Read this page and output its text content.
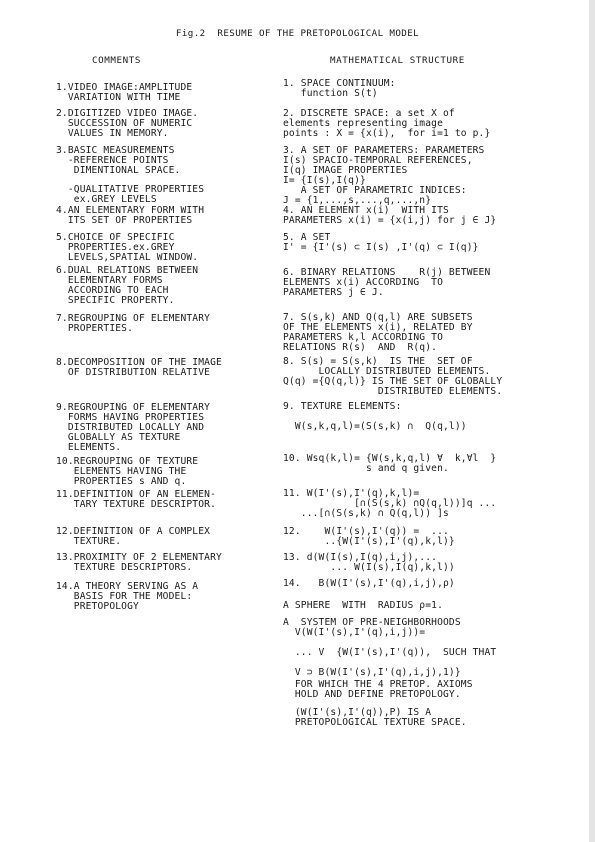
Fig.2  RESUME OF THE PRETOPOLOGICAL MODEL
COMMENTS	MATHEMATICAL STRUCTURE
1.VIDEO IMAGE:AMPLITUDE
VARIATION WITH TIME
2.DIGITIZED VIDEO IMAGE.
SUCCESSION OF NUMERIC
VALUES IN MEMORY.
3.BASIC MEASUREMENTS
-REFERENCE POINTS
DIMENTIONAL SPACE.
-QUALITATIVE PROPERTIES
ex.GREY LEVELS
4.AN ELEMENTARY FORM WITH
ITS SET OF PROPERTIES
5.CHOICE OF SPECIFIC
PROPERTIES.ex.GREY
LEVELS,SPATIAL WINDOW.
6.DUAL RELATIONS BETWEEN
ELEMENTARY FORMS
ACCORDING TO EACH
SPECIFIC PROPERTY.
7.REGROUPING OF ELEMENTARY
PROPERTIES.
8.DECOMPOSITION OF THE IMAGE
OF DISTRIBUTION RELATIVE
9.REGROUPING OF ELEMENTARY
FORMS HAVING PROPERTIES
DISTRIBUTED LOCALLY AND
GLOBALLY AS TEXTURE
ELEMENTS.
10.REGROUPING OF TEXTURE
ELEMENTS HAVING THE
PROPERTIES s AND q.
11.DEFINITION OF AN ELEMEN-
TARY TEXTURE DESCRIPTOR.
12.DEFINITION OF A COMPLEX
TEXTURE.
13.PROXIMITY OF 2 ELEMENTARY
TEXTURE DESCRIPTORS.
14.A THEORY SERVING AS A
BASIS FOR THE MODEL:
PRETOPOLOGY
1. SPACE CONTINUUM:
function S(t)
2. DISCRETE SPACE: a set X of
elements representing image
points : X = {x(i),  for i=1 to p.}
3. A SET OF PARAMETERS: PARAMETERS
I(s) SPACIO-TEMPORAL REFERENCES,
I(q) IMAGE PROPERTIES
I= {I(s),I(q)}
A SET OF PARAMETRIC INDICES:
J = {1,...,s,...,q,...,n}
4. AN ELEMENT x(i)  WITH ITS
PARAMETERS x(i) = {x(i,j) for j ∈ J}
5. A SET
I' = {I'(s) ⊂ I(s) ,I'(q) ⊂ I(q)}
6. BINARY RELATIONS    R(j) BETWEEN
ELEMENTS x(i) ACCORDING  TO
PARAMETERS j ∈ J.
7. S(s,k) AND Q(q,l) ARE SUBSETS
OF THE ELEMENTS x(i), RELATED BY
PARAMETERS k,l ACCORDING TO
RELATIONS R(s)  AND  R(q).
8. S(s) = S(s,k)  IS THE  SET OF
LOCALLY DISTRIBUTED ELEMENTS.
Q(q) ={Q(q,l)} IS THE SET OF GLOBALLY
DISTRIBUTED ELEMENTS.
9. TEXTURE ELEMENTS:
W(s,k,q,l)=(S(s,k) ∩  Q(q,l))
10. Wsq(k,l)= {W(s,k,q,l) ∀  k,∀l  }
s and q given.
11. W(I'(s),I'(q),k,l)=
[∩(S(s,k) ∩Q(q,l))]q ...
...[∩(S(s,k) ∩ Q(q,l)) ]s
12.    W(I'(s),I'(q)) =  ...
..{W(I'(s),I'(q),k,l)}
13. d(W(I(s),I(q),i,j),...
... W(I(s),I(q),k,l))
14.   B(W(I'(s),I'(q),i,j),ρ)
A SPHERE  WITH  RADIUS ρ=1.
A  SYSTEM OF PRE-NEIGHBORHOODS
V(W(I'(s),I'(q),i,j))=
... V  {W(I'(s),I'(q)),  SUCH THAT
V ⊃ B(W(I'(s),I'(q),i,j),1)}
FOR WHICH THE 4 PRETOP. AXIOMS
HOLD AND DEFINE PRETOPOLOGY.
(W(I'(s),I'(q)),P) IS A
PRETOPOLOGICAL TEXTURE SPACE.
